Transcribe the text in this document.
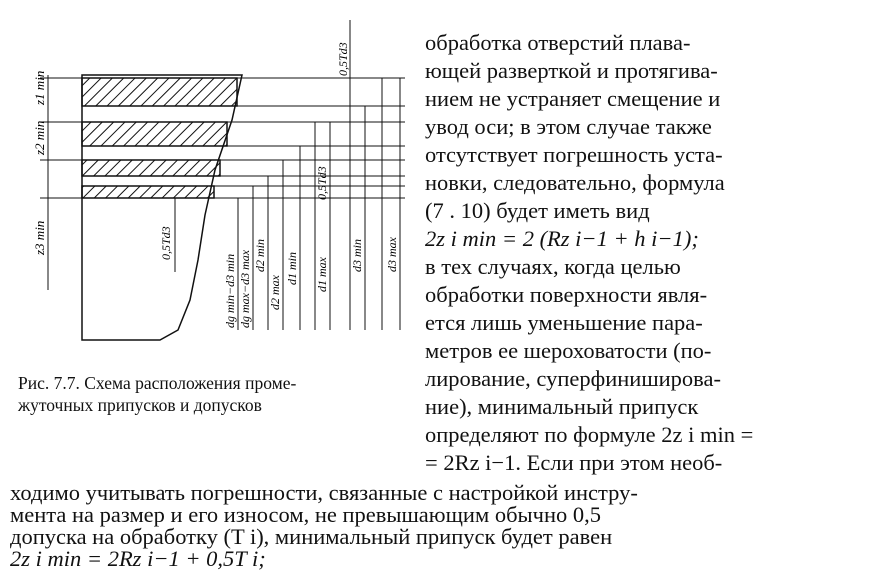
z1 min
z2 min
z3 min
0,5Td3
0,5Td3
0,5Td3
dg min−d3 min dg max−d3 max d2 min
d2 max
d1 min d1 max
d3 min d3 max
Рис. 7.7. Схема расположения проме-
жуточных припусков и допусков
обработка отверстий плава-
ющей разверткой и протягива-
нием не устраняет смещение и
увод оси; в этом случае также
отсутствует погрешность уста-
новки, следовательно, формула
(7 . 10) будет иметь вид
2z i min = 2 (Rz i−1 + h i−1);
в тех случаях, когда целью
обработки поверхности явля-
ется лишь уменьшение пара-
метров ее шероховатости (по-
лирование, суперфиниширова-
ние), минимальный припуск
определяют по формуле 2z i min =
= 2Rz i−1. Если при этом необ-
ходимо учитывать погрешности, связанные с настройкой инстру-
мента на размер и его износом, не превышающим обычно 0,5
допуска на обработку (T i), минимальный припуск будет равен
2z i min = 2Rz i−1 + 0,5T i;
